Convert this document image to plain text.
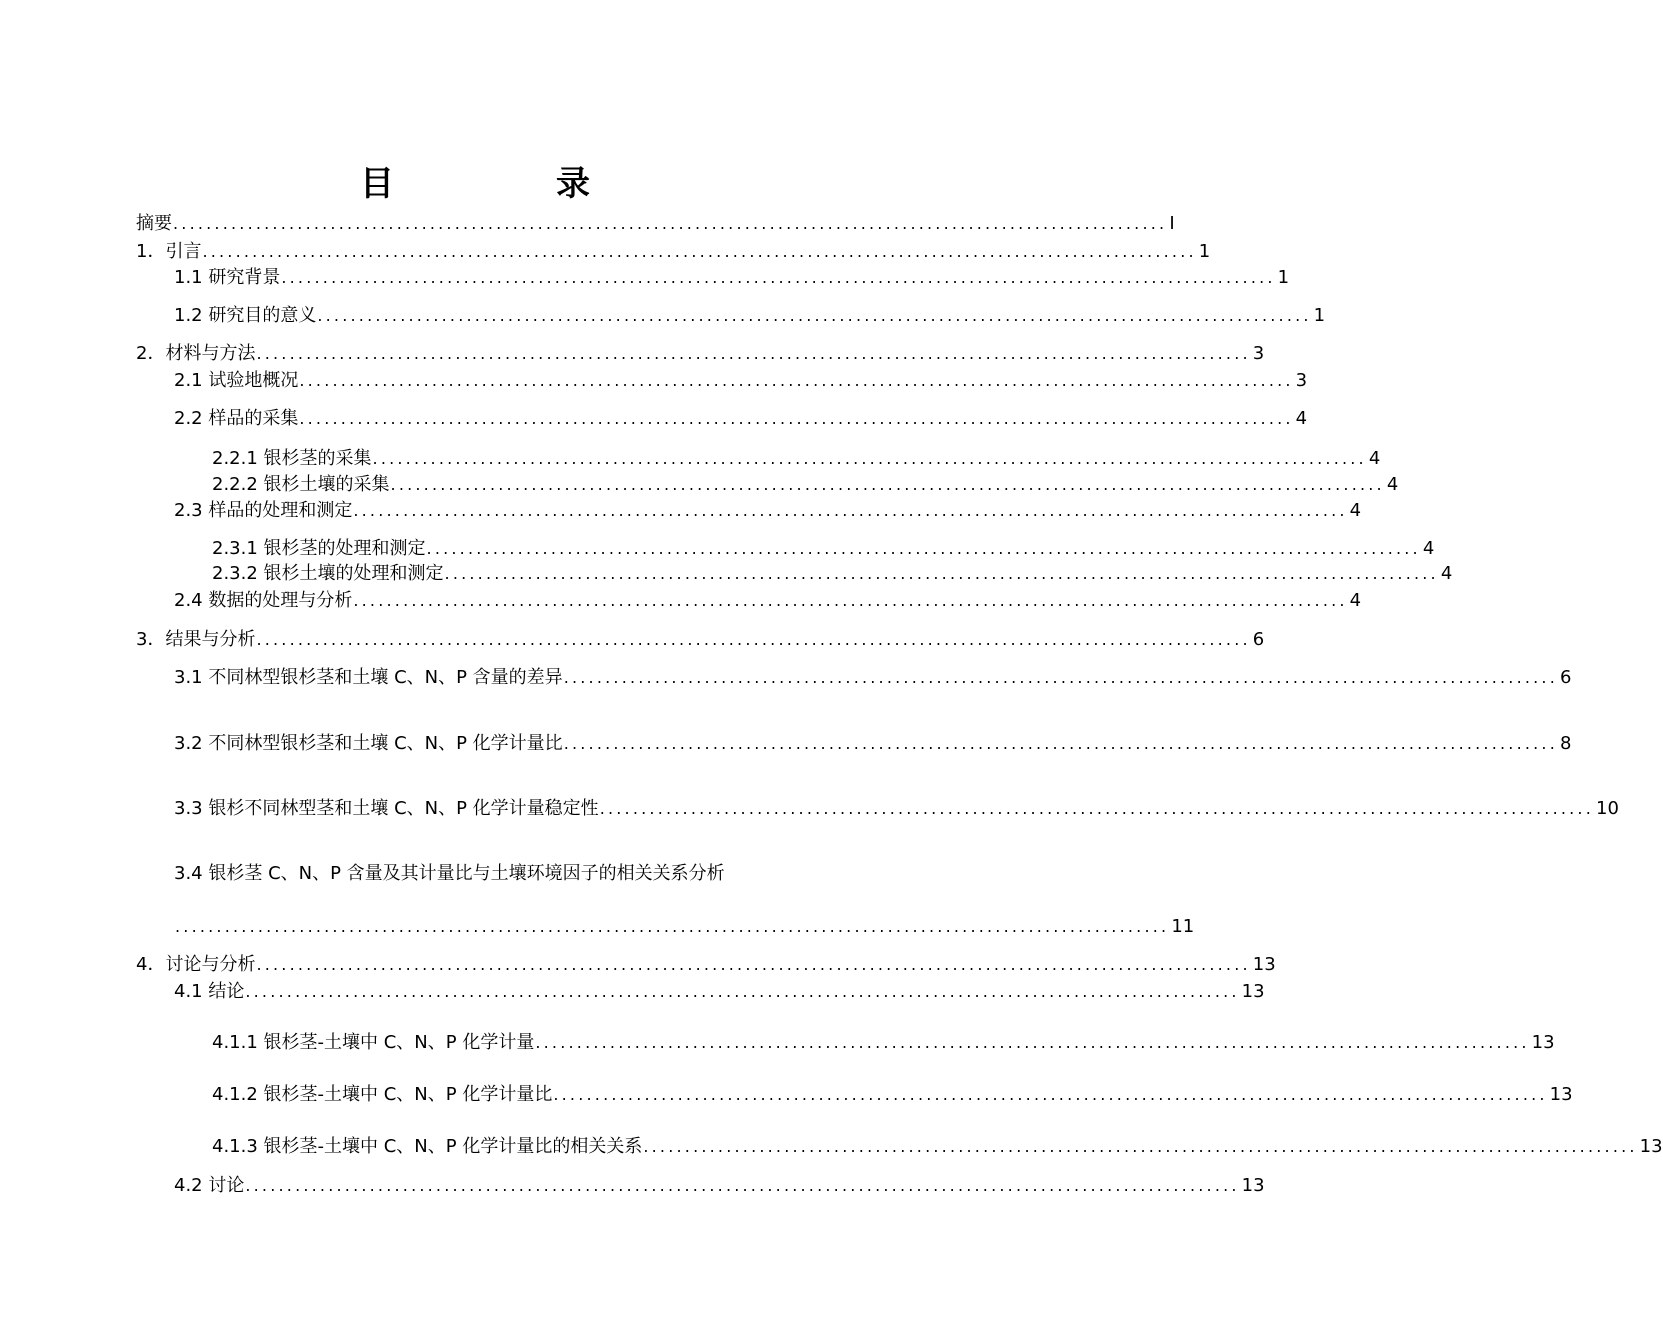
目　录
摘要 ........................................................................................................................ I
1．引言 ........................................................................................................................ 1
1.1 研究背景 ........................................................................................................................ 1
1.2 研究目的意义 ........................................................................................................................ 1
2．材料与方法 ........................................................................................................................ 3
2.1 试验地概况 ........................................................................................................................ 3
2.2 样品的采集 ........................................................................................................................ 4
2.2.1 银杉茎的采集 ........................................................................................................................ 4
2.2.2 银杉土壤的采集 ........................................................................................................................ 4
2.3 样品的处理和测定 ........................................................................................................................ 4
2.3.1 银杉茎的处理和测定 ........................................................................................................................ 4
2.3.2 银杉土壤的处理和测定 ........................................................................................................................ 4
2.4 数据的处理与分析 ........................................................................................................................ 4
3．结果与分析 ........................................................................................................................ 6
3.1 不同林型银杉茎和土壤 C、N、P 含量的差异 ........................................................................................................................ 6
3.2 不同林型银杉茎和土壤 C、N、P 化学计量比 ........................................................................................................................ 8
3.3 银杉不同林型茎和土壤 C、N、P 化学计量稳定性 ........................................................................................................................ 10
3.4 银杉茎 C、N、P 含量及其计量比与土壤环境因子的相关关系分析
........................................................................................................................ 11
4．讨论与分析 ........................................................................................................................ 13
4.1 结论 ........................................................................................................................ 13
4.1.1 银杉茎-土壤中 C、N、P 化学计量 ........................................................................................................................ 13
4.1.2 银杉茎-土壤中 C、N、P 化学计量比 ........................................................................................................................ 13
4.1.3 银杉茎-土壤中 C、N、P 化学计量比的相关关系 ........................................................................................................................ 13
4.2 讨论 ........................................................................................................................ 13
